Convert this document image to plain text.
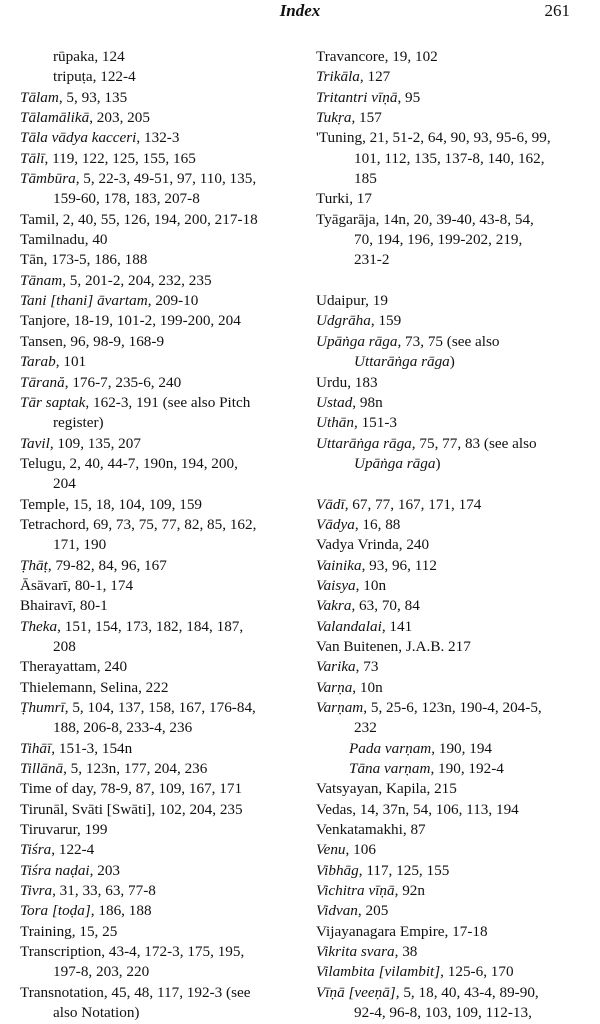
Index	261
rūpaka, 124
tripuṭa, 122-4
Tālam, 5, 93, 135
Tālamālikā, 203, 205
Tāla vādya kacceri, 132-3
Tālī, 119, 122, 125, 155, 165
Tāmbūra, 5, 22-3, 49-51, 97, 110, 135,
159-60, 178, 183, 207-8
Tamil, 2, 40, 55, 126, 194, 200, 217-18
Tamilnadu, 40
Tān, 173-5, 186, 188
Tānam, 5, 201-2, 204, 232, 235
Tani [thani] āvartam, 209-10
Tanjore, 18-19, 101-2, 199-200, 204
Tansen, 96, 98-9, 168-9
Tarab, 101
Tārană, 176-7, 235-6, 240
Tār saptak, 162-3, 191 (see also Pitch
register)
Tavil, 109, 135, 207
Telugu, 2, 40, 44-7, 190n, 194, 200,
204
Temple, 15, 18, 104, 109, 159
Tetrachord, 69, 73, 75, 77, 82, 85, 162,
171, 190
Ṭhāṭ, 79-82, 84, 96, 167
Āsāvarī, 80-1, 174
Bhairavī, 80-1
Theka, 151, 154, 173, 182, 184, 187,
208
Therayattam, 240
Thielemann, Selina, 222
Ṭhumrī, 5, 104, 137, 158, 167, 176-84,
188, 206-8, 233-4, 236
Tihāī, 151-3, 154n
Tillānā, 5, 123n, 177, 204, 236
Time of day, 78-9, 87, 109, 167, 171
Tirunāl, Svāti [Swāti], 102, 204, 235
Tiruvarur, 199
Tiśra, 122-4
Tiśra naḍai, 203
Tivra, 31, 33, 63, 77-8
Tora [toḍa], 186, 188
Training, 15, 25
Transcription, 43-4, 172-3, 175, 195,
197-8, 203, 220
Transnotation, 45, 48, 117, 192-3 (see
also Notation)
Travancore, 19, 102
Trikāla, 127
Tritantri vīṇā, 95
Tukṛa, 157
'Tuning, 21, 51-2, 64, 90, 93, 95-6, 99,
101, 112, 135, 137-8, 140, 162,
185
Turki, 17
Tyāgarāja, 14n, 20, 39-40, 43-8, 54,
70, 194, 196, 199-202, 219,
231-2
Udaipur, 19
Udgrāha, 159
Upāṅga rāga, 73, 75 (see also
Uttarāṅga rāga)
Urdu, 183
Ustad, 98n
Uthān, 151-3
Uttarāṅga rāga, 75, 77, 83 (see also
Upāṅga rāga)
Vādī, 67, 77, 167, 171, 174
Vādya, 16, 88
Vadya Vrinda, 240
Vainika, 93, 96, 112
Vaisya, 10n
Vakra, 63, 70, 84
Valandalai, 141
Van Buitenen, J.A.B. 217
Varika, 73
Varṇa, 10n
Varṇam, 5, 25-6, 123n, 190-4, 204-5,
232
Pada varṇam, 190, 194
Tāna varṇam, 190, 192-4
Vatsyayan, Kapila, 215
Vedas, 14, 37n, 54, 106, 113, 194
Venkatamakhi, 87
Venu, 106
Vibhāg, 117, 125, 155
Vichitra vīṇā, 92n
Vidvan, 205
Vijayanagara Empire, 17-18
Vikrita svara, 38
Vilambita [vilambit], 125-6, 170
Vīṇā [veeṇā], 5, 18, 40, 43-4, 89-90,
92-4, 96-8, 103, 109, 112-13,
